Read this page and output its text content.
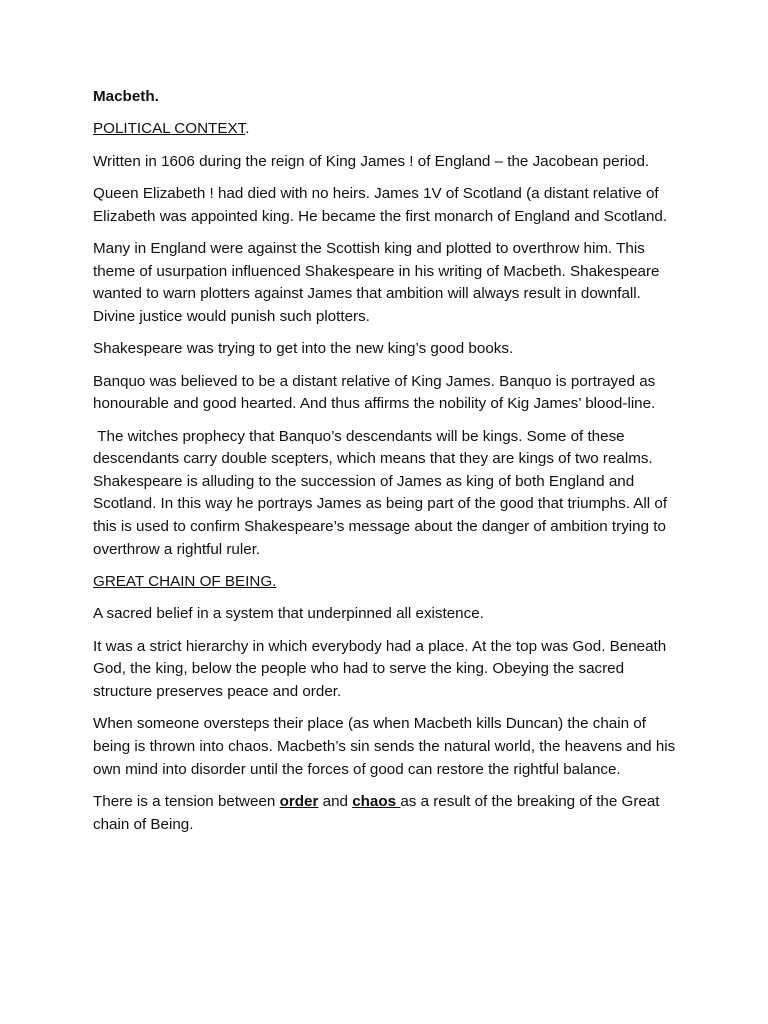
Macbeth.

POLITICAL CONTEXT.

Written in 1606 during the reign of King James ! of England – the Jacobean period.

Queen Elizabeth ! had died with no heirs. James 1V of Scotland (a distant relative of Elizabeth was appointed king. He became the first monarch of England and Scotland.

Many in England were against the Scottish king and plotted to overthrow him. This theme of usurpation influenced Shakespeare in his writing of Macbeth. Shakespeare wanted to warn plotters against James that ambition will always result in downfall. Divine justice would punish such plotters.

Shakespeare was trying to get into the new king’s good books.

Banquo was believed to be a distant relative of King James. Banquo is portrayed as honourable and good hearted. And thus affirms the nobility of Kig James’ blood-line.

The witches prophecy that Banquo’s descendants will be kings. Some of these descendants carry double scepters, which means that they are kings of two realms. Shakespeare is alluding to the succession of James as king of both England and Scotland. In this way he portrays James as being part of the good that triumphs. All of this is used to confirm Shakespeare’s message about the danger of ambition trying to overthrow a rightful ruler.

GREAT CHAIN OF BEING.

A sacred belief in a system that underpinned all existence.

It was a strict hierarchy in which everybody had a place. At the top was God. Beneath God, the king, below the people who had to serve the king. Obeying the sacred structure preserves peace and order.

When someone oversteps their place (as when Macbeth kills Duncan) the chain of being is thrown into chaos. Macbeth’s sin sends the natural world, the heavens and his own mind into disorder until the forces of good can restore the rightful balance.

There is a tension between order and chaos as a result of the breaking of the Great chain of Being.
